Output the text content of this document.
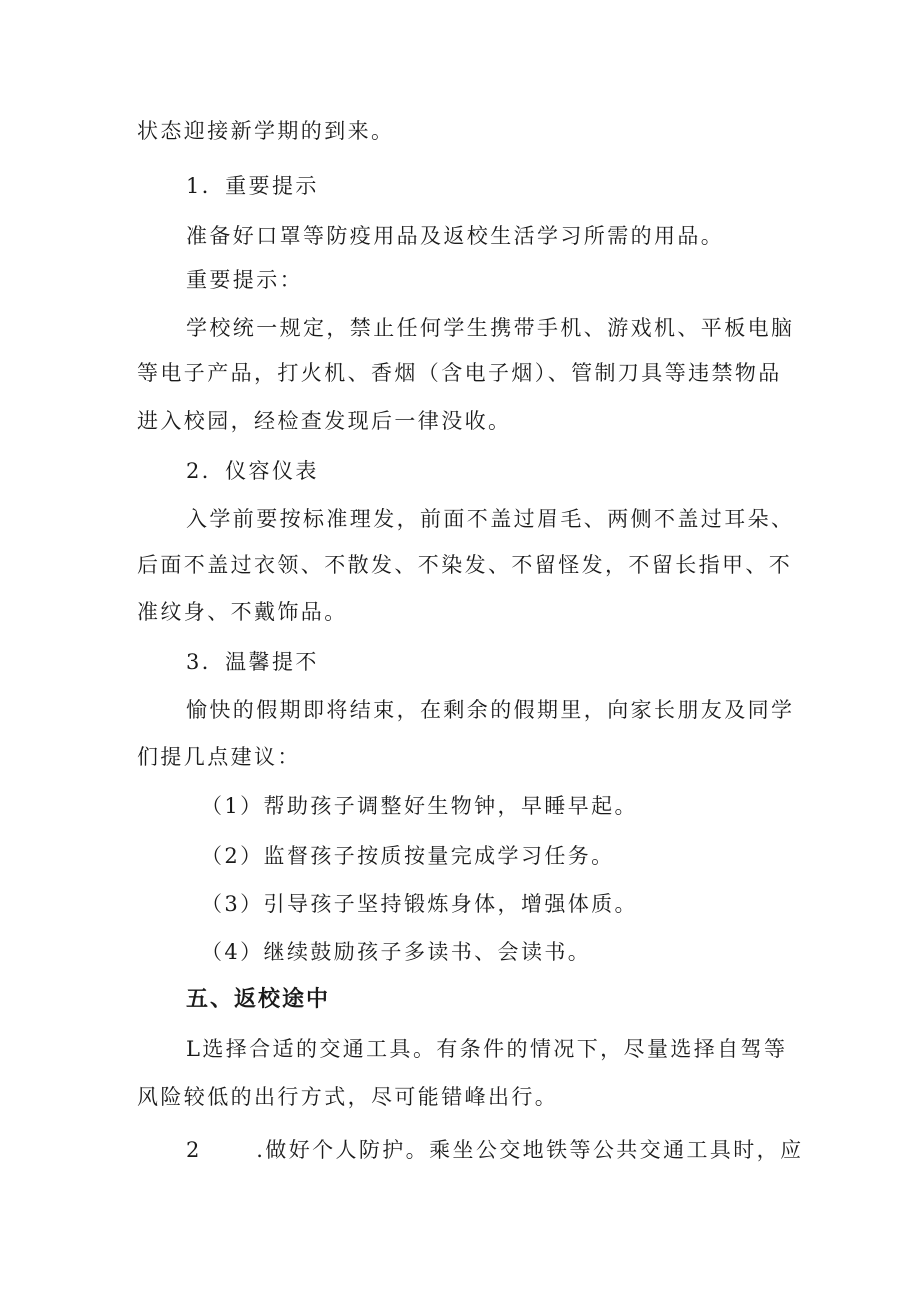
状态迎接新学期的到来。
1．重要提示
准备好口罩等防疫用品及返校生活学习所需的用品。
重要提示：
学校统一规定，禁止任何学生携带手机、游戏机、平板电脑
等电子产品，打火机、香烟（含电子烟）、管制刀具等违禁物品
进入校园，经检查发现后一律没收。
2．仪容仪表
入学前要按标准理发，前面不盖过眉毛、两侧不盖过耳朵、
后面不盖过衣领、不散发、不染发、不留怪发，不留长指甲、不
准纹身、不戴饰品。
3．温馨提不
愉快的假期即将结束，在剩余的假期里，向家长朋友及同学
们提几点建议：
（1）帮助孩子调整好生物钟，早睡早起。
（2）监督孩子按质按量完成学习任务。
（3）引导孩子坚持锻炼身体，增强体质。
五、返校途中
（4）继续鼓励孩子多读书、会读书。
L选择合适的交通工具。有条件的情况下，尽量选择自驾等
风险较低的出行方式，尽可能错峰出行。
2      .做好个人防护。乘坐公交地铁等公共交通工具时，应
